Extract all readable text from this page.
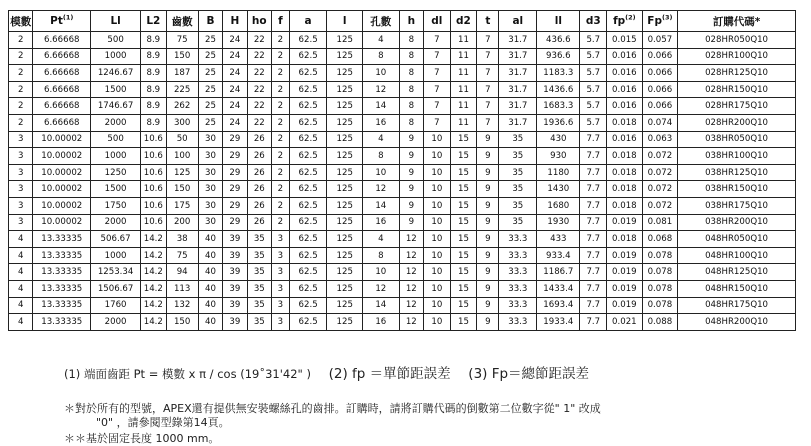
模數	Pt$^{(1)}$	Ll	L2	齒數	B	H	ho	f	a	l	孔數	h	dl	d2	t	al	ll	d3	$fp^{(2)}$	Fp$^{(3)}$	訂購代碼*
2	6.66668	500	8.9	75	25	24	22	2	62.5	125	4	8	7	11	7	31.7	436.6	5.7	0.015	0.057	028HR050Q10
2	6.66668	1000	8.9	150	25	24	22	2	62.5	125	8	8	7	11	7	31.7	936.6	5.7	0.016	0.066	028HR100Q10
2	6.66668	1246.67	8.9	187	25	24	22	2	62.5	125	10	8	7	11	7	31.7	1183.3	5.7	0.016	0.066	028HR125Q10
2	6.66668	1500	8.9	225	25	24	22	2	62.5	125	12	8	7	11	7	31.7	1436.6	5.7	0.016	0.066	028HR150Q10
2	6.66668	1746.67	8.9	262	25	24	22	2	62.5	125	14	8	7	11	7	31.7	1683.3	5.7	0.016	0.066	028HR175Q10
2	6.66668	2000	8.9	300	25	24	22	2	62.5	125	16	8	7	11	7	31.7	1936.6	5.7	0.018	0.074	028HR200Q10
3	10.00002	500	10.6	50	30	29	26	2	62.5	125	4	9	10	15	9	35	430	7.7	0.016	0.063	038HR050Q10
3	10.00002	1000	10.6	100	30	29	26	2	62.5	125	8	9	10	15	9	35	930	7.7	0.018	0.072	038HR100Q10
3	10.00002	1250	10.6	125	30	29	26	2	62.5	125	10	9	10	15	9	35	1180	7.7	0.018	0.072	038HR125Q10
3	10.00002	1500	10.6	150	30	29	26	2	62.5	125	12	9	10	15	9	35	1430	7.7	0.018	0.072	038HR150Q10
3	10.00002	1750	10.6	175	30	29	26	2	62.5	125	14	9	10	15	9	35	1680	7.7	0.018	0.072	038HR175Q10
3	10.00002	2000	10.6	200	30	29	26	2	62.5	125	16	9	10	15	9	35	1930	7.7	0.019	0.081	038HR200Q10
4	13.33335	506.67	14.2	38	40	39	35	3	62.5	125	4	12	10	15	9	33.3	433	7.7	0.018	0.068	048HR050Q10
4	13.33335	1000	14.2	75	40	39	35	3	62.5	125	8	12	10	15	9	33.3	933.4	7.7	0.019	0.078	048HR100Q10
4	13.33335	1253.34	14.2	94	40	39	35	3	62.5	125	10	12	10	15	9	33.3	1186.7	7.7	0.019	0.078	048HR125Q10
4	13.33335	1506.67	14.2	113	40	39	35	3	62.5	125	12	12	10	15	9	33.3	1433.4	7.7	0.019	0.078	048HR150Q10
4	13.33335	1760	14.2	132	40	39	35	3	62.5	125	14	12	10	15	9	33.3	1693.4	7.7	0.019	0.078	048HR175Q10
4	13.33335	2000	14.2	150	40	39	35	3	62.5	125	16	12	10	15	9	33.3	1933.4	7.7	0.021	0.088	048HR200Q10
(1) 端面齒距 Pt = 模數 x π / cos (19˚31'42" ) (2) fp ＝單節距誤差 (3) Fp＝總節距誤差
＊對於所有的型號，APEX還有提供無安裝螺絲孔的齒排。訂購時，請將訂購代碼的倒數第二位數字從" 1" 改成
"0" ，請參閱型錄第14頁。
＊＊基於固定長度 1000 mm。
